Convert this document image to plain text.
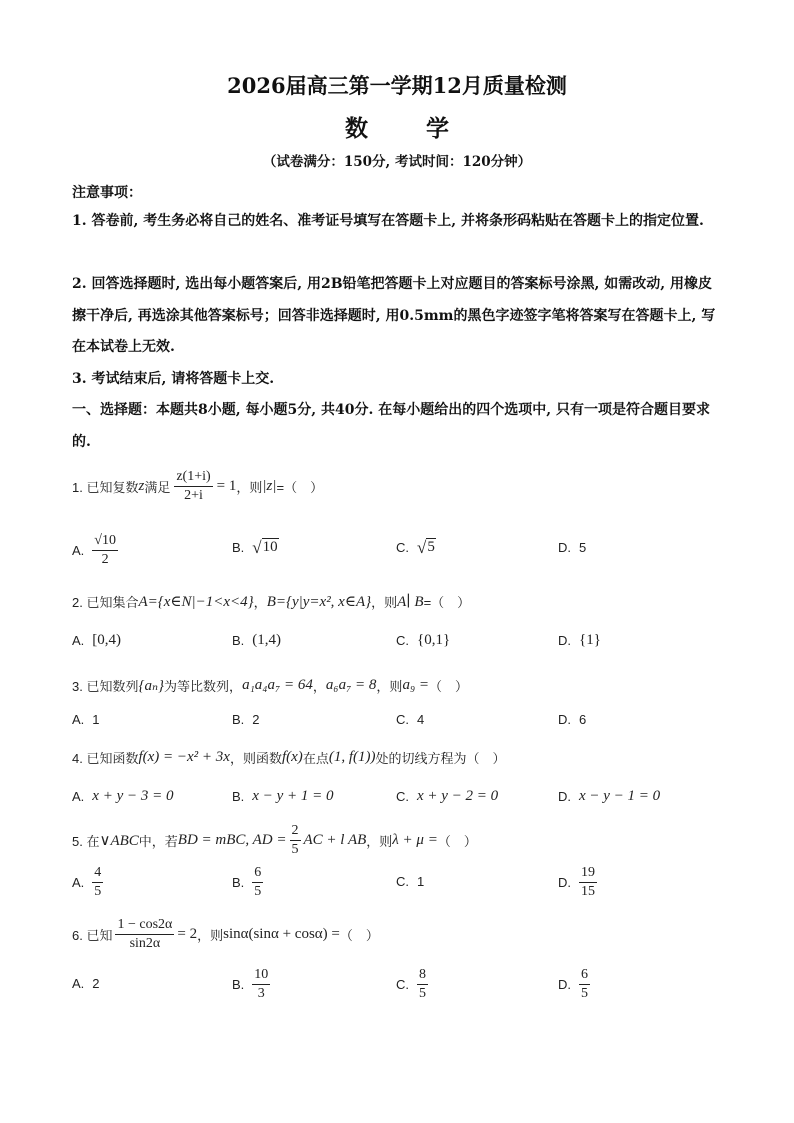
2026届高三第一学期12月质量检测
数 学
（试卷满分：150分, 考试时间：120分钟）
注意事项：
1. 答卷前, 考生务必将自己的姓名、准考证号填写在答题卡上, 并将条形码粘贴在答题卡上的指定位置.
2. 回答选择题时, 选出每小题答案后, 用2B铅笔把答题卡上对应题目的答案标号涂黑, 如需改动, 用橡皮擦干净后, 再选涂其他答案标号；回答非选择题时, 用0.5mm的黑色字迹签字笔将答案写在答题卡上, 写在本试卷上无效.
3. 考试结束后, 请将答题卡上交.
一、选择题：本题共8小题, 每小题5分, 共40分. 在每小题给出的四个选项中, 只有一项是符合题目要求的.
1. 已知复数 z 满足 $\frac{z(1+i)}{2+i} = 1$ ，则 |z| =（　）
A. $\frac{√10}{2}$	B. √ 10	C. √ 5	D. 5
2. 已知集合 A={x∈N|−1<x<4} ， B={y|y=x², x∈A} ，则 A∣ B =（　）
A. [0,4)	B. (1,4)	C. {0,1}	D. {1}
3. 已知数列 {aₙ} 为等比数列， a₁a₄a₇ = 64 ， a₆a₇ = 8 ，则 a₉ = （　）
A. 1	B. 2	C. 4	D. 6
4. 已知函数 f(x) = −x² + 3x ，则函数 f(x) 在点 (1, f(1)) 处的切线方程为（　）
A. x + y − 3 = 0	B. x − y + 1 = 0	C. x + y − 2 = 0	D. x − y − 1 = 0
5. 在 ∨ABC 中，若 BD = mBC, AD = $\frac{2}{5}$ AC + l AB ，则 λ + μ = （　）
A. $\frac{4}{5}$	B. $\frac{6}{5}$	C. 1	D. $\frac{19}{15}$
6. 已知 $\frac{1 - \cos 2\alpha}{\sin 2\alpha} = 2$ ，则 sinα(sinα + cosα) = （　）
A. 2	B. $\frac{10}{3}$	C. $\frac{8}{5}$	D. $\frac{6}{5}$
